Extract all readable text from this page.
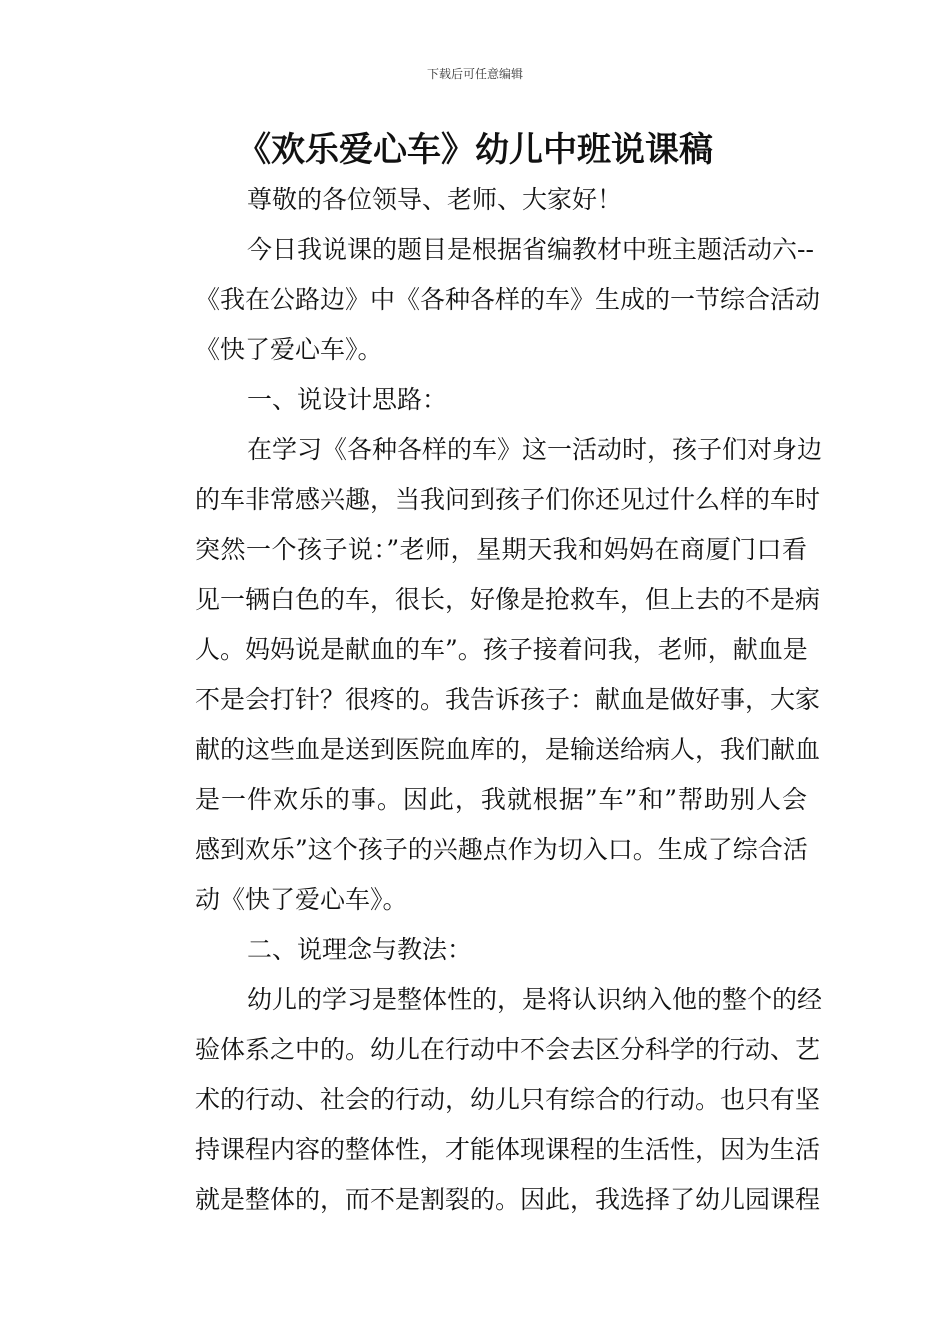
下载后可任意编辑
《欢乐爱心车》幼儿中班说课稿
尊敬的各位领导、老师、大家好！
今日我说课的题目是根据省编教材中班主题活动六--
《我在公路边》中《各种各样的车》生成的一节综合活动
《快了爱心车》。
一、说设计思路：
在学习《各种各样的车》这一活动时，孩子们对身边
的车非常感兴趣，当我问到孩子们你还见过什么样的车时
突然一个孩子说：”老师，星期天我和妈妈在商厦门口看
见一辆白色的车，很长，好像是抢救车，但上去的不是病
人。妈妈说是献血的车”。孩子接着问我，老师，献血是
不是会打针？很疼的。我告诉孩子：献血是做好事，大家
献的这些血是送到医院血库的，是输送给病人，我们献血
是一件欢乐的事。因此，我就根据”车”和”帮助别人会
感到欢乐”这个孩子的兴趣点作为切入口。生成了综合活
动《快了爱心车》。
二、说理念与教法：
幼儿的学习是整体性的，是将认识纳入他的整个的经
验体系之中的。幼儿在行动中不会去区分科学的行动、艺
术的行动、社会的行动，幼儿只有综合的行动。也只有坚
持课程内容的整体性，才能体现课程的生活性，因为生活
就是整体的，而不是割裂的。因此，我选择了幼儿园课程
